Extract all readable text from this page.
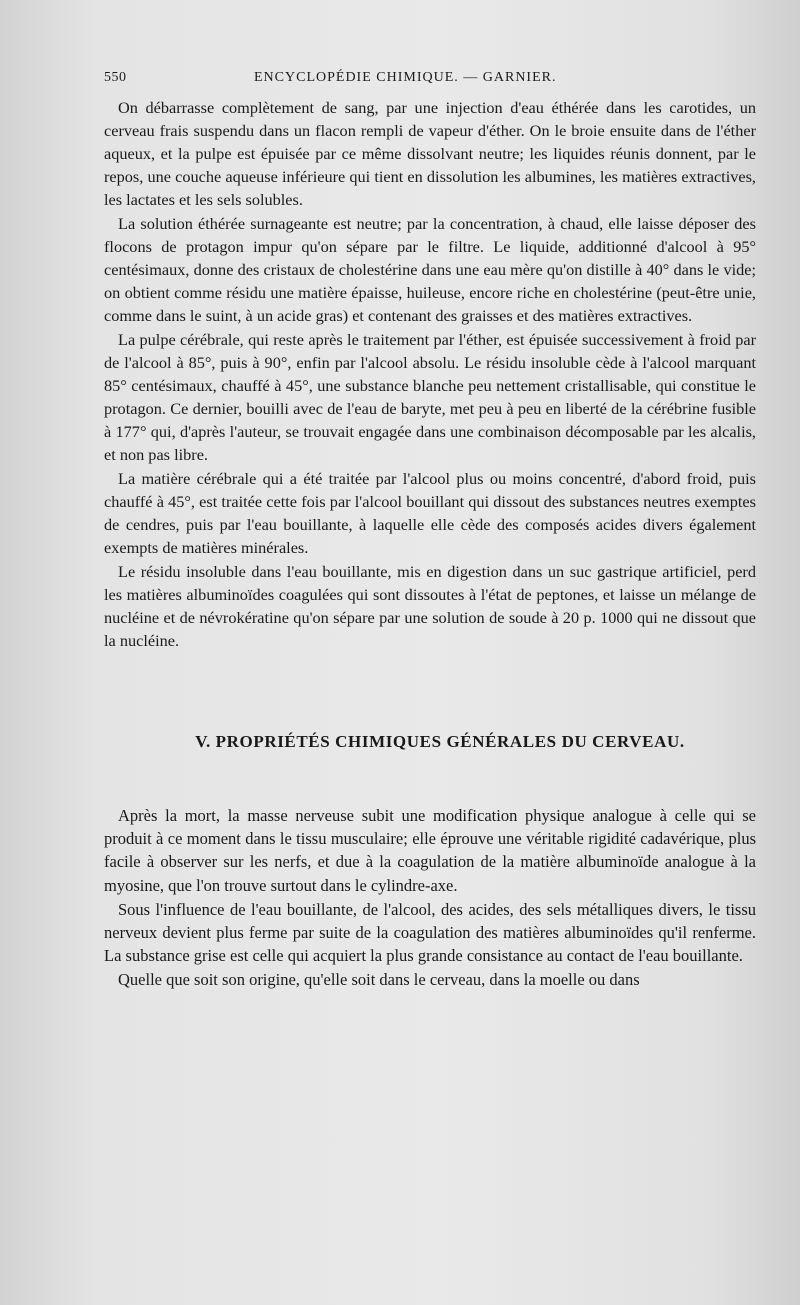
550	ENCYCLOPÉDIE CHIMIQUE. — GARNIER.

On débarrasse complètement de sang, par une injection d'eau éthérée dans les carotides, un cerveau frais suspendu dans un flacon rempli de vapeur d'éther. On le broie ensuite dans de l'éther aqueux, et la pulpe est épuisée par ce même dissolvant neutre; les liquides réunis donnent, par le repos, une couche aqueuse inférieure qui tient en dissolution les albumines, les matières extractives, les lactates et les sels solubles.

La solution éthérée surnageante est neutre; par la concentration, à chaud, elle laisse déposer des flocons de protagon impur qu'on sépare par le filtre. Le liquide, additionné d'alcool à 95° centésimaux, donne des cristaux de cholestérine dans une eau mère qu'on distille à 40° dans le vide; on obtient comme résidu une matière épaisse, huileuse, encore riche en cholestérine (peut-être unie, comme dans le suint, à un acide gras) et contenant des graisses et des matières extractives.

La pulpe cérébrale, qui reste après le traitement par l'éther, est épuisée successivement à froid par de l'alcool à 85°, puis à 90°, enfin par l'alcool absolu. Le résidu insoluble cède à l'alcool marquant 85° centésimaux, chauffé à 45°, une substance blanche peu nettement cristallisable, qui constitue le protagon. Ce dernier, bouilli avec de l'eau de baryte, met peu à peu en liberté de la cérébrine fusible à 177° qui, d'après l'auteur, se trouvait engagée dans une combinaison décomposable par les alcalis, et non pas libre.

La matière cérébrale qui a été traitée par l'alcool plus ou moins concentré, d'abord froid, puis chauffé à 45°, est traitée cette fois par l'alcool bouillant qui dissout des substances neutres exemptes de cendres, puis par l'eau bouillante, à laquelle elle cède des composés acides divers également exempts de matières minérales.

Le résidu insoluble dans l'eau bouillante, mis en digestion dans un suc gastrique artificiel, perd les matières albuminoïdes coagulées qui sont dissoutes à l'état de peptones, et laisse un mélange de nucléine et de névrokératine qu'on sépare par une solution de soude à 20 p. 1000 qui ne dissout que la nucléine.

V. PROPRIÉTÉS CHIMIQUES GÉNÉRALES DU CERVEAU.

Après la mort, la masse nerveuse subit une modification physique analogue à celle qui se produit à ce moment dans le tissu musculaire; elle éprouve une véritable rigidité cadavérique, plus facile à observer sur les nerfs, et due à la coagulation de la matière albuminoïde analogue à la myosine, que l'on trouve surtout dans le cylindre-axe.

Sous l'influence de l'eau bouillante, de l'alcool, des acides, des sels métalliques divers, le tissu nerveux devient plus ferme par suite de la coagulation des matières albuminoïdes qu'il renferme. La substance grise est celle qui acquiert la plus grande consistance au contact de l'eau bouillante.

Quelle que soit son origine, qu'elle soit dans le cerveau, dans la moelle ou dans
